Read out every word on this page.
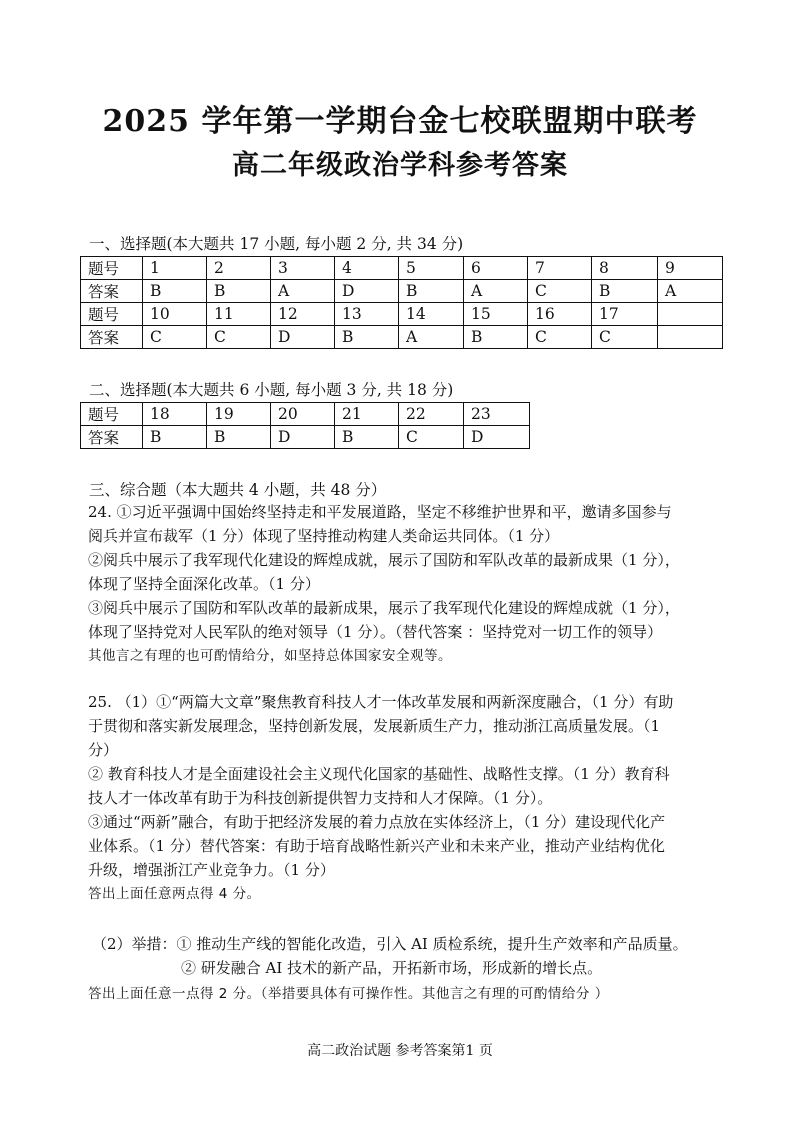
2025 学年第一学期台金七校联盟期中联考
高二年级政治学科参考答案
一、选择题(本大题共 17 小题, 每小题 2 分, 共 34 分)
题号	1	2	3	4	5	6	7	8	9
答案	B	B	A	D	B	A	C	B	A
题号	10	11	12	13	14	15	16	17	
答案	C	C	D	B	A	B	C	C	
二、选择题(本大题共 6 小题, 每小题 3 分, 共 18 分)
题号	18	19	20	21	22	23
答案	B	B	D	B	C	D
三、综合题（本大题共 4 小题，共 48 分）
24. ①习近平强调中国始终坚持走和平发展道路，坚定不移维护世界和平，邀请多国参与
阅兵并宣布裁军（1 分）体现了坚持推动构建人类命运共同体。（1 分）
②阅兵中展示了我军现代化建设的辉煌成就，展示了国防和军队改革的最新成果（1 分），
体现了坚持全面深化改革。（1 分）
③阅兵中展示了国防和军队改革的最新成果，展示了我军现代化建设的辉煌成就（1 分），
体现了坚持党对人民军队的绝对领导（1 分）。（替代答案 ：坚持党对一切工作的领导）
其他言之有理的也可酌情给分，如坚持总体国家安全观等。
25. （1）①“两篇大文章”聚焦教育科技人才一体改革发展和两新深度融合，（1 分）有助
于贯彻和落实新发展理念，坚持创新发展，发展新质生产力，推动浙江高质量发展。（1
分）
② 教育科技人才是全面建设社会主义现代化国家的基础性、战略性支撑。（1 分）教育科
技人才一体改革有助于为科技创新提供智力支持和人才保障。（1 分）。
③通过“两新”融合，有助于把经济发展的着力点放在实体经济上，（1 分）建设现代化产
业体系。（1 分）替代答案：有助于培育战略性新兴产业和未来产业，推动产业结构优化
升级，增强浙江产业竞争力。（1 分）
答出上面任意两点得 4 分。
（2）举措：① 推动生产线的智能化改造，引入 AI 质检系统，提升生产效率和产品质量。
② 研发融合 AI 技术的新产品，开拓新市场，形成新的增长点。
答出上面任意一点得 2 分。（举措要具体有可操作性。其他言之有理的可酌情给分 ）
高二政治试题 参考答案第1 页
